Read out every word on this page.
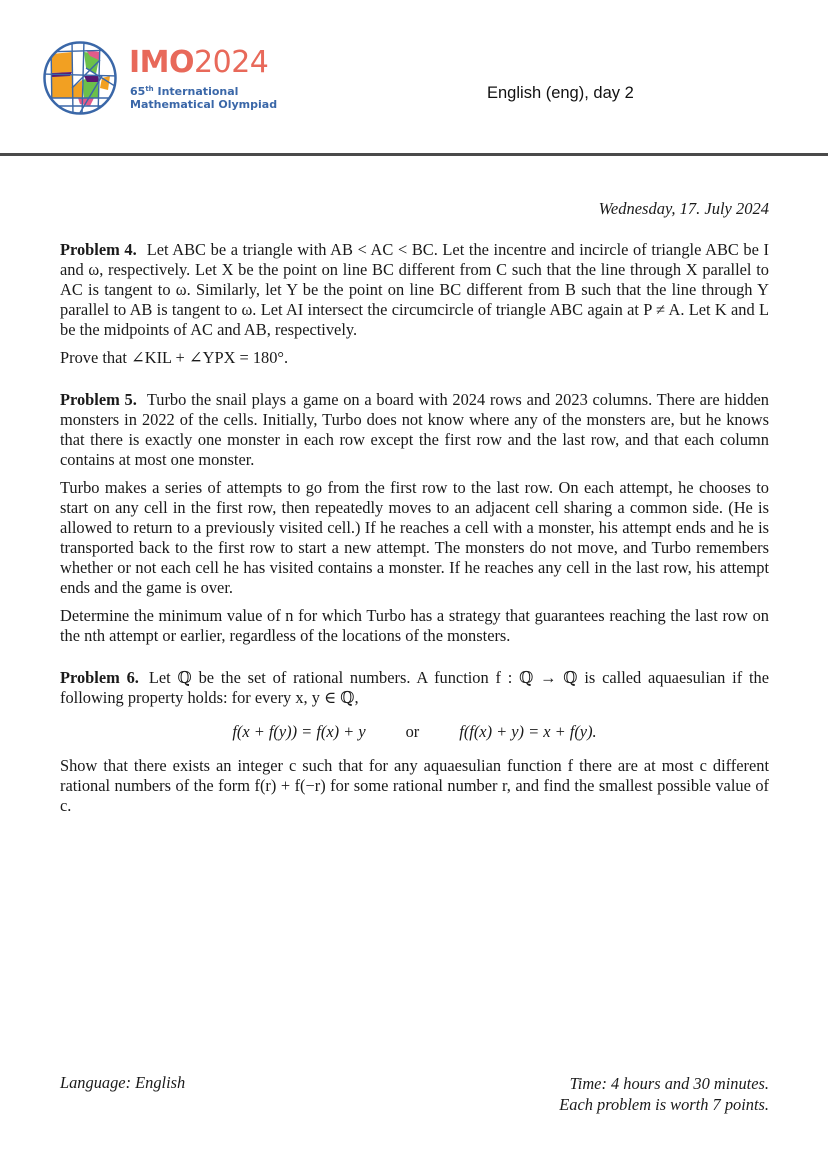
IMO2024
65th International
Mathematical Olympiad
English (eng), day 2
Wednesday, 17. July 2024

Problem 4. Let ABC be a triangle with AB < AC < BC. Let the incentre and incircle of triangle ABC be I and ω, respectively. Let X be the point on line BC different from C such that the line through X parallel to AC is tangent to ω. Similarly, let Y be the point on line BC different from B such that the line through Y parallel to AB is tangent to ω. Let AI intersect the circumcircle of triangle ABC again at P ≠ A. Let K and L be the midpoints of AC and AB, respectively.

Prove that ∠KIL + ∠YPX = 180°.

Problem 5. Turbo the snail plays a game on a board with 2024 rows and 2023 columns. There are hidden monsters in 2022 of the cells. Initially, Turbo does not know where any of the monsters are, but he knows that there is exactly one monster in each row except the first row and the last row, and that each column contains at most one monster.

Turbo makes a series of attempts to go from the first row to the last row. On each attempt, he chooses to start on any cell in the first row, then repeatedly moves to an adjacent cell sharing a common side. (He is allowed to return to a previously visited cell.) If he reaches a cell with a monster, his attempt ends and he is transported back to the first row to start a new attempt. The monsters do not move, and Turbo remembers whether or not each cell he has visited contains a monster. If he reaches any cell in the last row, his attempt ends and the game is over.

Determine the minimum value of n for which Turbo has a strategy that guarantees reaching the last row on the nth attempt or earlier, regardless of the locations of the monsters.

Problem 6. Let ℚ be the set of rational numbers. A function f : ℚ → ℚ is called aquaesulian if the following property holds: for every x, y ∈ ℚ,

f(x + f(y)) = f(x) + y or f(f(x) + y) = x + f(y).

Show that there exists an integer c such that for any aquaesulian function f there are at most c different rational numbers of the form f(r) + f(−r) for some rational number r, and find the smallest possible value of c.

Language: English	Time: 4 hours and 30 minutes.
Each problem is worth 7 points.
